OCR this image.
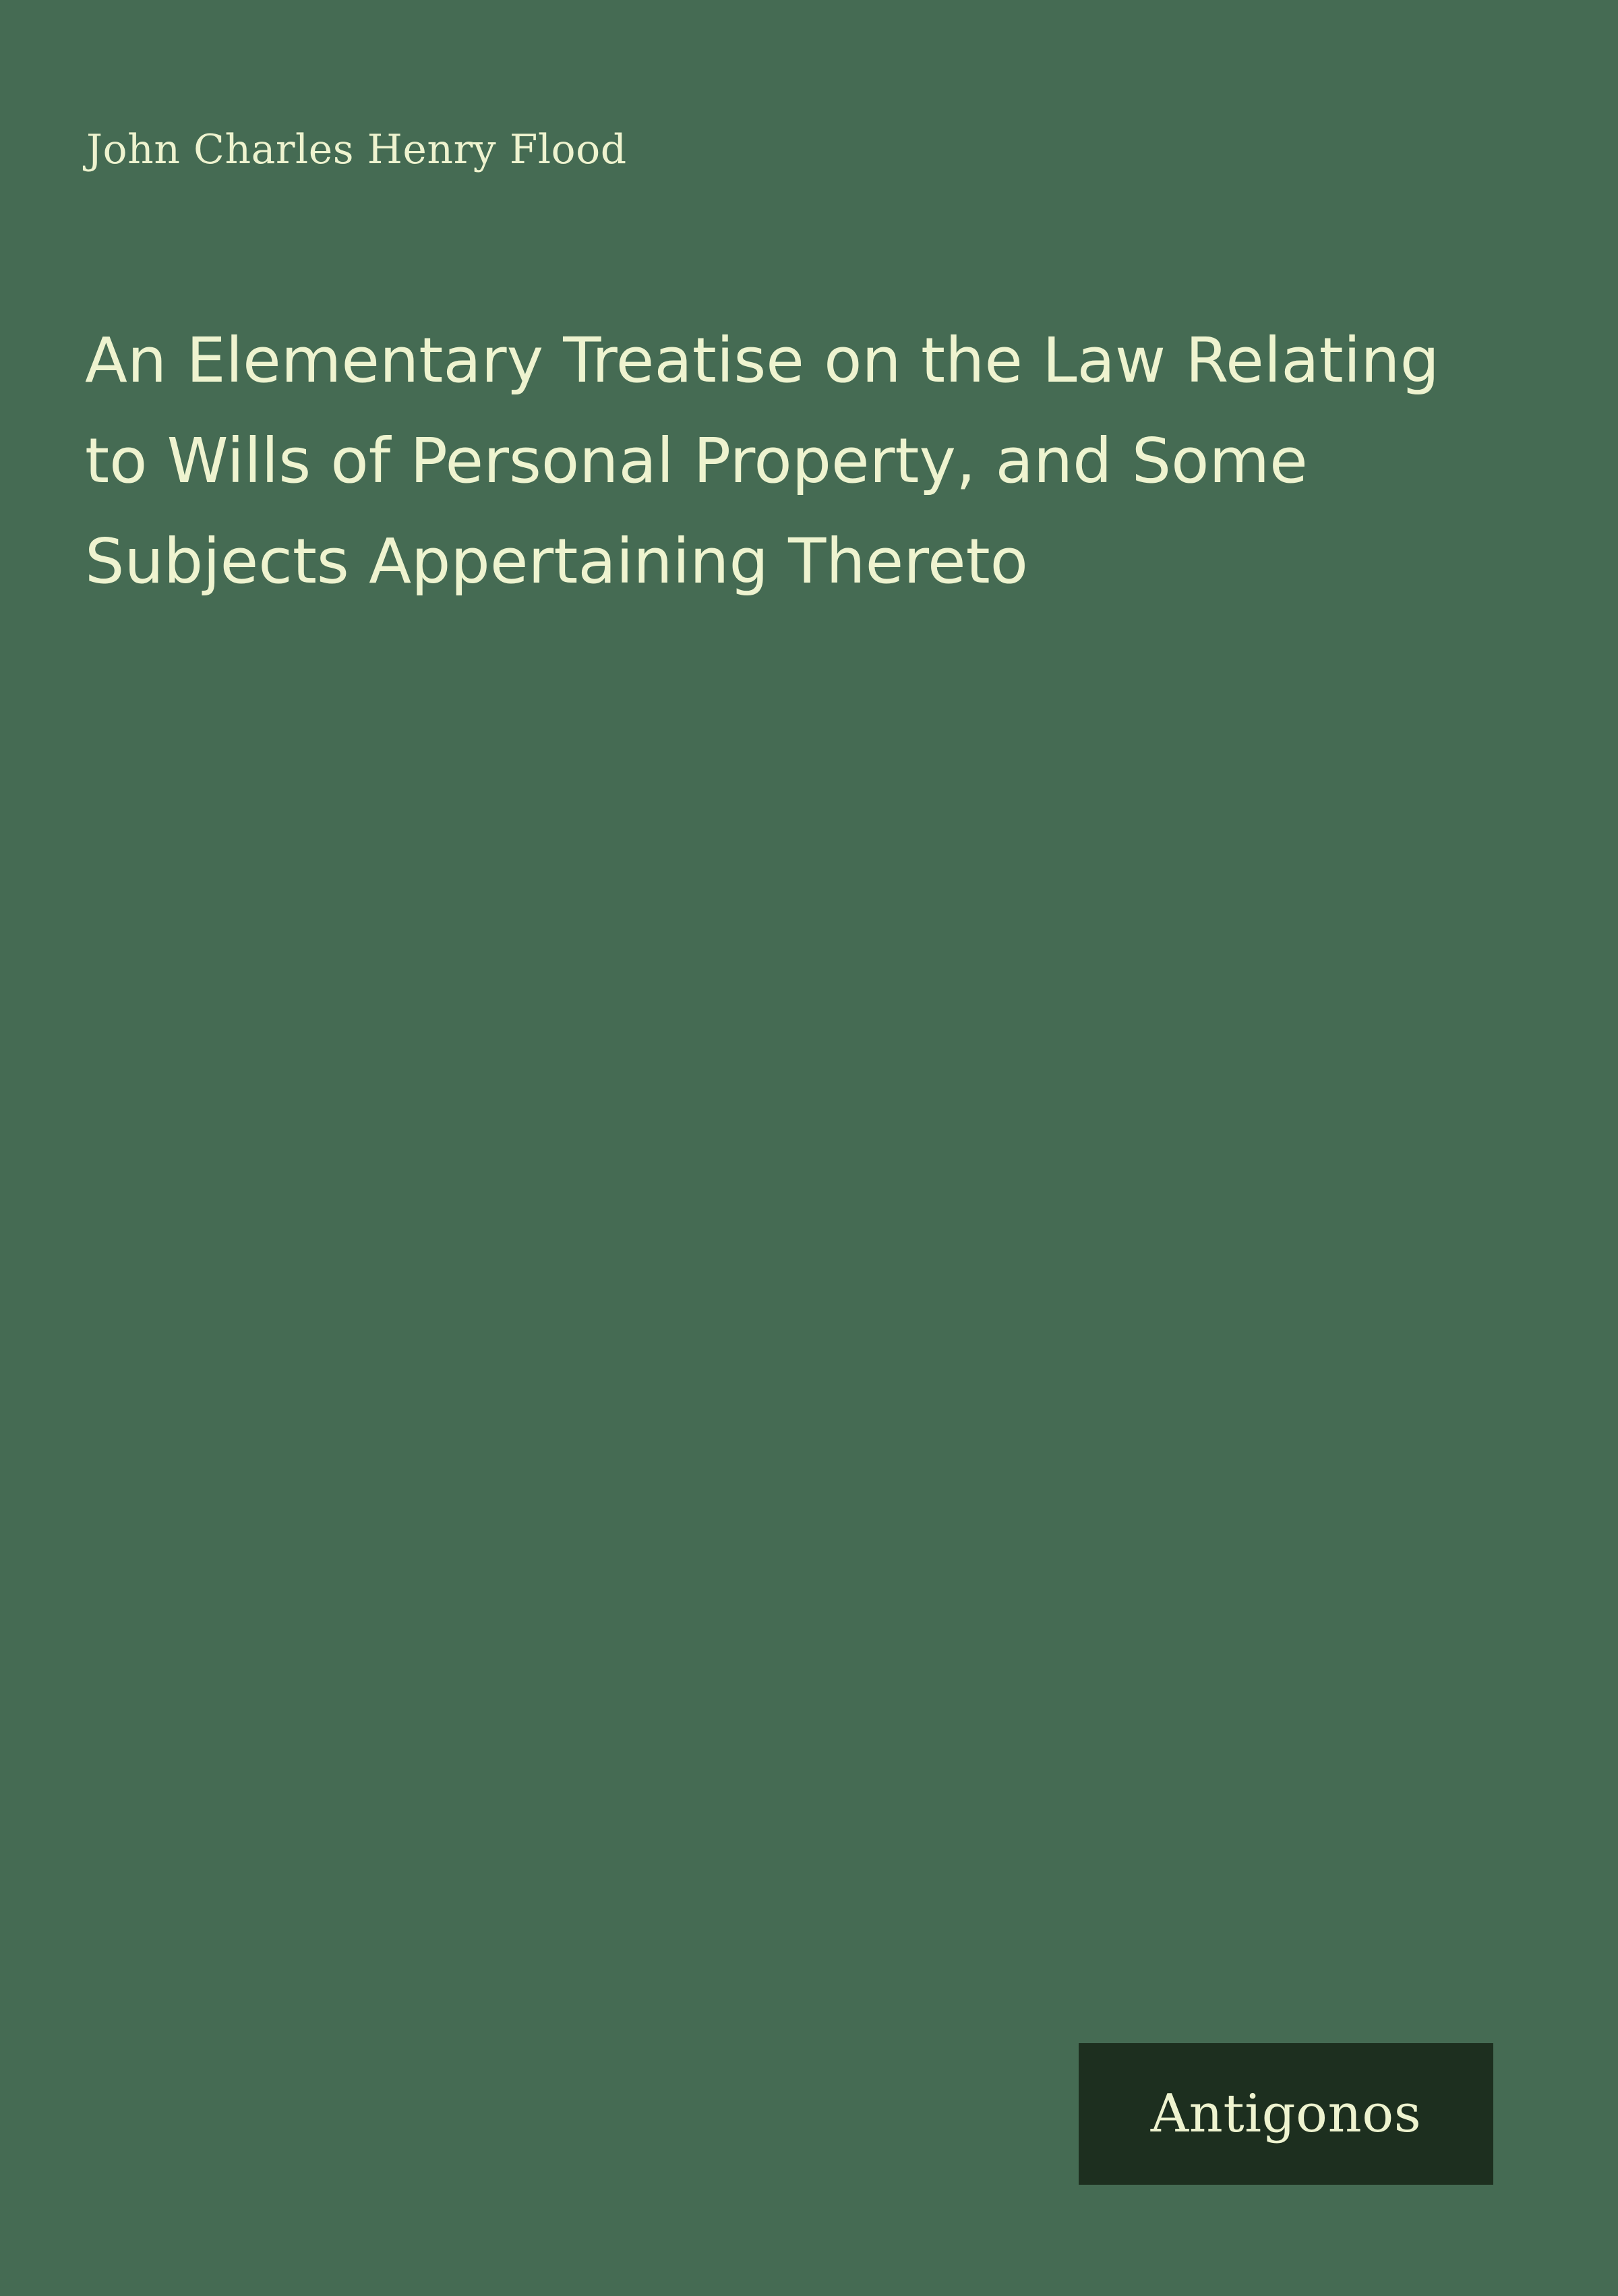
John Charles Henry Flood
An Elementary Treatise on the Law Relating to Wills of Personal Property, and Some Subjects Appertaining Thereto
Antigonos
